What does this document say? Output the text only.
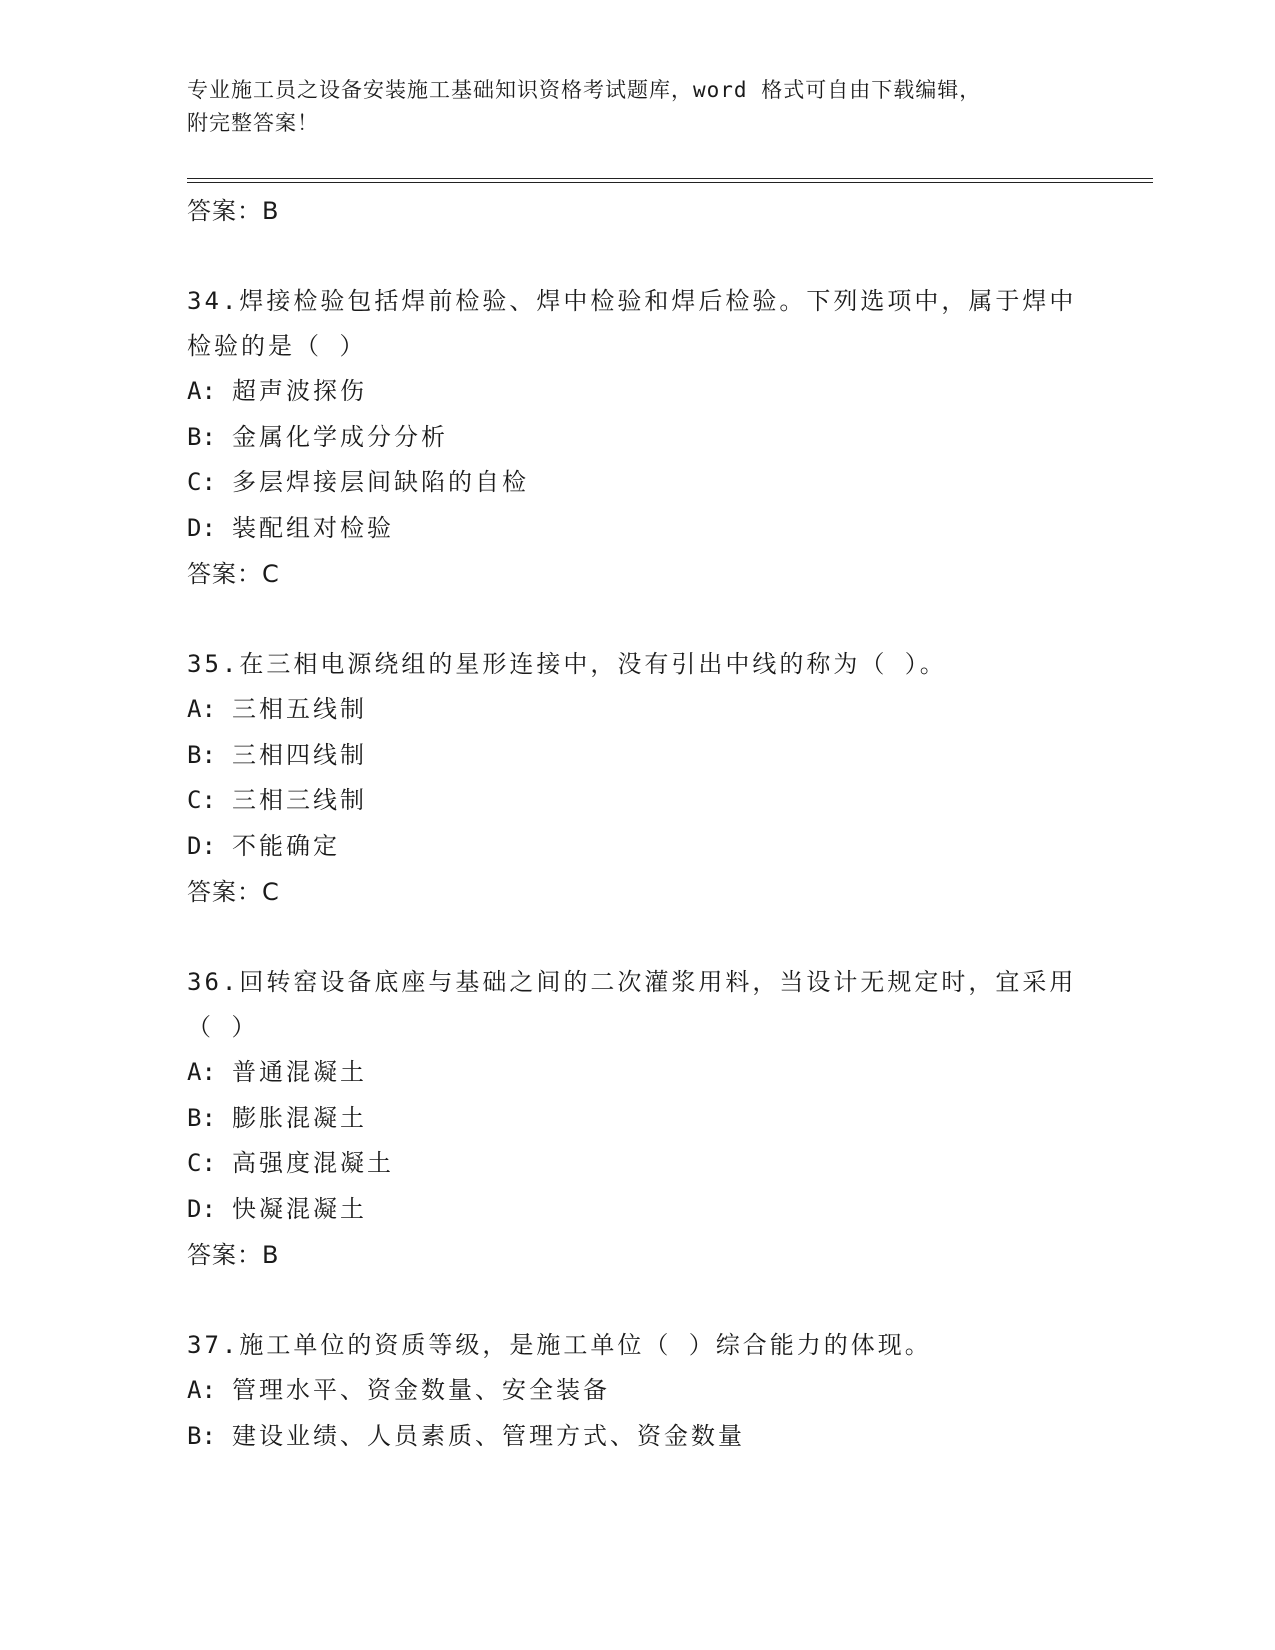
专业施工员之设备安装施工基础知识资格考试题库，word 格式可自由下载编辑，
附完整答案！
答案：B
34.焊接检验包括焊前检验、焊中检验和焊后检验。下列选项中，属于焊中检验的是（ ）
A: 超声波探伤
B: 金属化学成分分析
C: 多层焊接层间缺陷的自检
D: 装配组对检验
答案：C
35.在三相电源绕组的星形连接中，没有引出中线的称为（ ）。
A: 三相五线制
B: 三相四线制
C: 三相三线制
D: 不能确定
答案：C
36.回转窑设备底座与基础之间的二次灌浆用料，当设计无规定时，宜采用（ ）
A: 普通混凝土
B: 膨胀混凝土
C: 高强度混凝土
D: 快凝混凝土
答案：B
37.施工单位的资质等级，是施工单位（ ）综合能力的体现。
A: 管理水平、资金数量、安全装备
B: 建设业绩、人员素质、管理方式、资金数量
